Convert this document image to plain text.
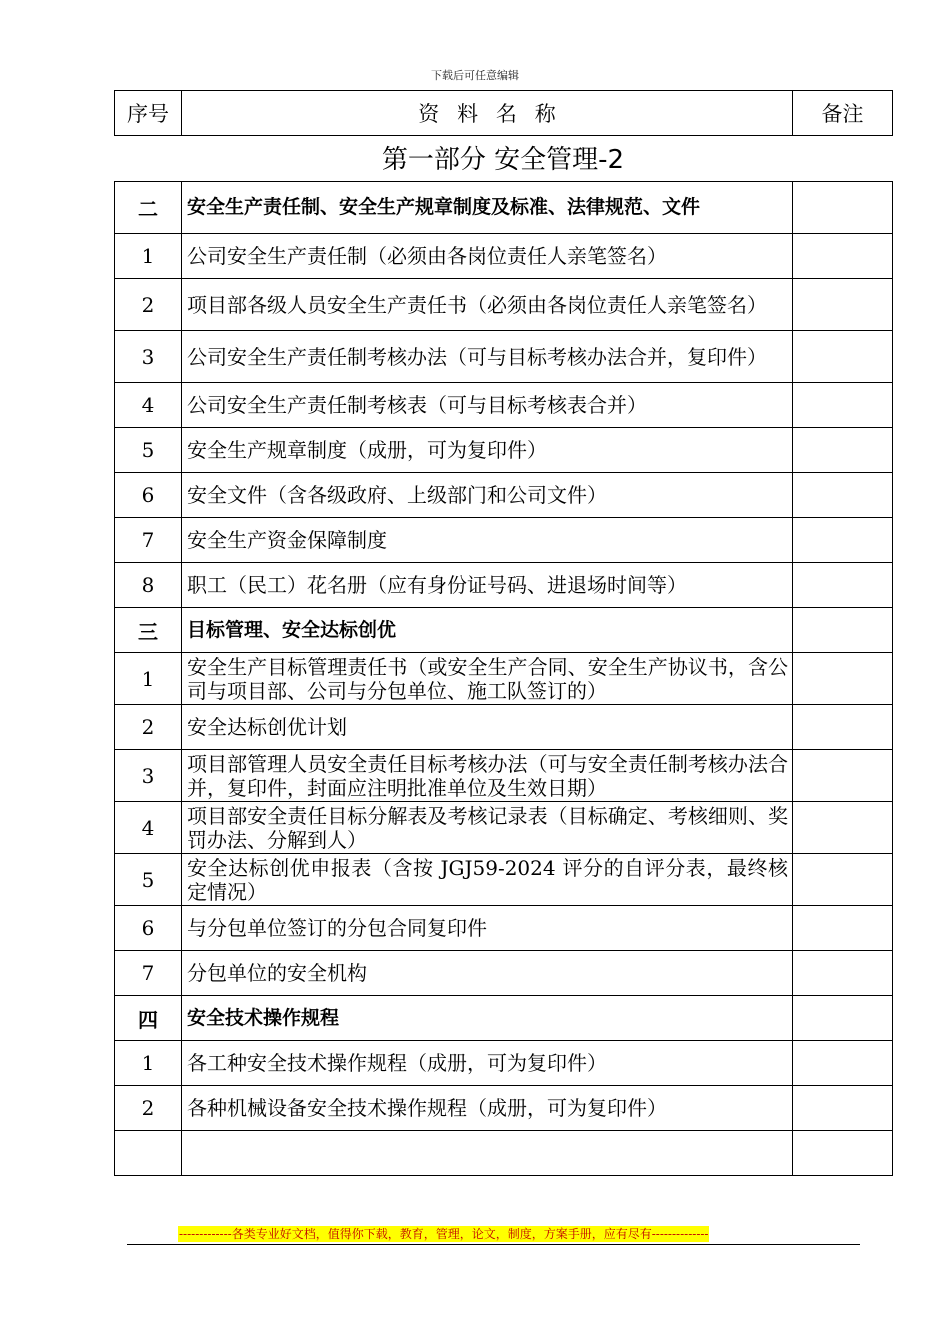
下载后可任意编辑
序号	资料名称	备注
第一部分 安全管理-2
二	安全生产责任制、安全生产规章制度及标准、法律规范、文件	
1	公司安全生产责任制（必须由各岗位责任人亲笔签名）	
2	项目部各级人员安全生产责任书（必须由各岗位责任人亲笔签名）	
3	公司安全生产责任制考核办法（可与目标考核办法合并，复印件）	
4	公司安全生产责任制考核表（可与目标考核表合并）	
5	安全生产规章制度（成册，可为复印件）	
6	安全文件（含各级政府、上级部门和公司文件）	
7	安全生产资金保障制度	
8	职工（民工）花名册（应有身份证号码、进退场时间等）	
三	目标管理、安全达标创优	
1	安全生产目标管理责任书（或安全生产合同、安全生产协议书，含公司与项目部、公司与分包单位、施工队签订的）	
2	安全达标创优计划	
3	项目部管理人员安全责任目标考核办法（可与安全责任制考核办法合并，复印件，封面应注明批准单位及生效日期）	
4	项目部安全责任目标分解表及考核记录表（目标确定、考核细则、奖罚办法、分解到人）	
5	安全达标创优申报表（含按 JGJ59-2024 评分的自评分表，最终核定情况）	
6	与分包单位签订的分包合同复印件	
7	分包单位的安全机构	
四	安全技术操作规程	
1	各工种安全技术操作规程（成册，可为复印件）	
2	各种机械设备安全技术操作规程（成册，可为复印件）	

-------------各类专业好文档，值得你下载，教育，管理，论文，制度，方案手册，应有尽有--------------
